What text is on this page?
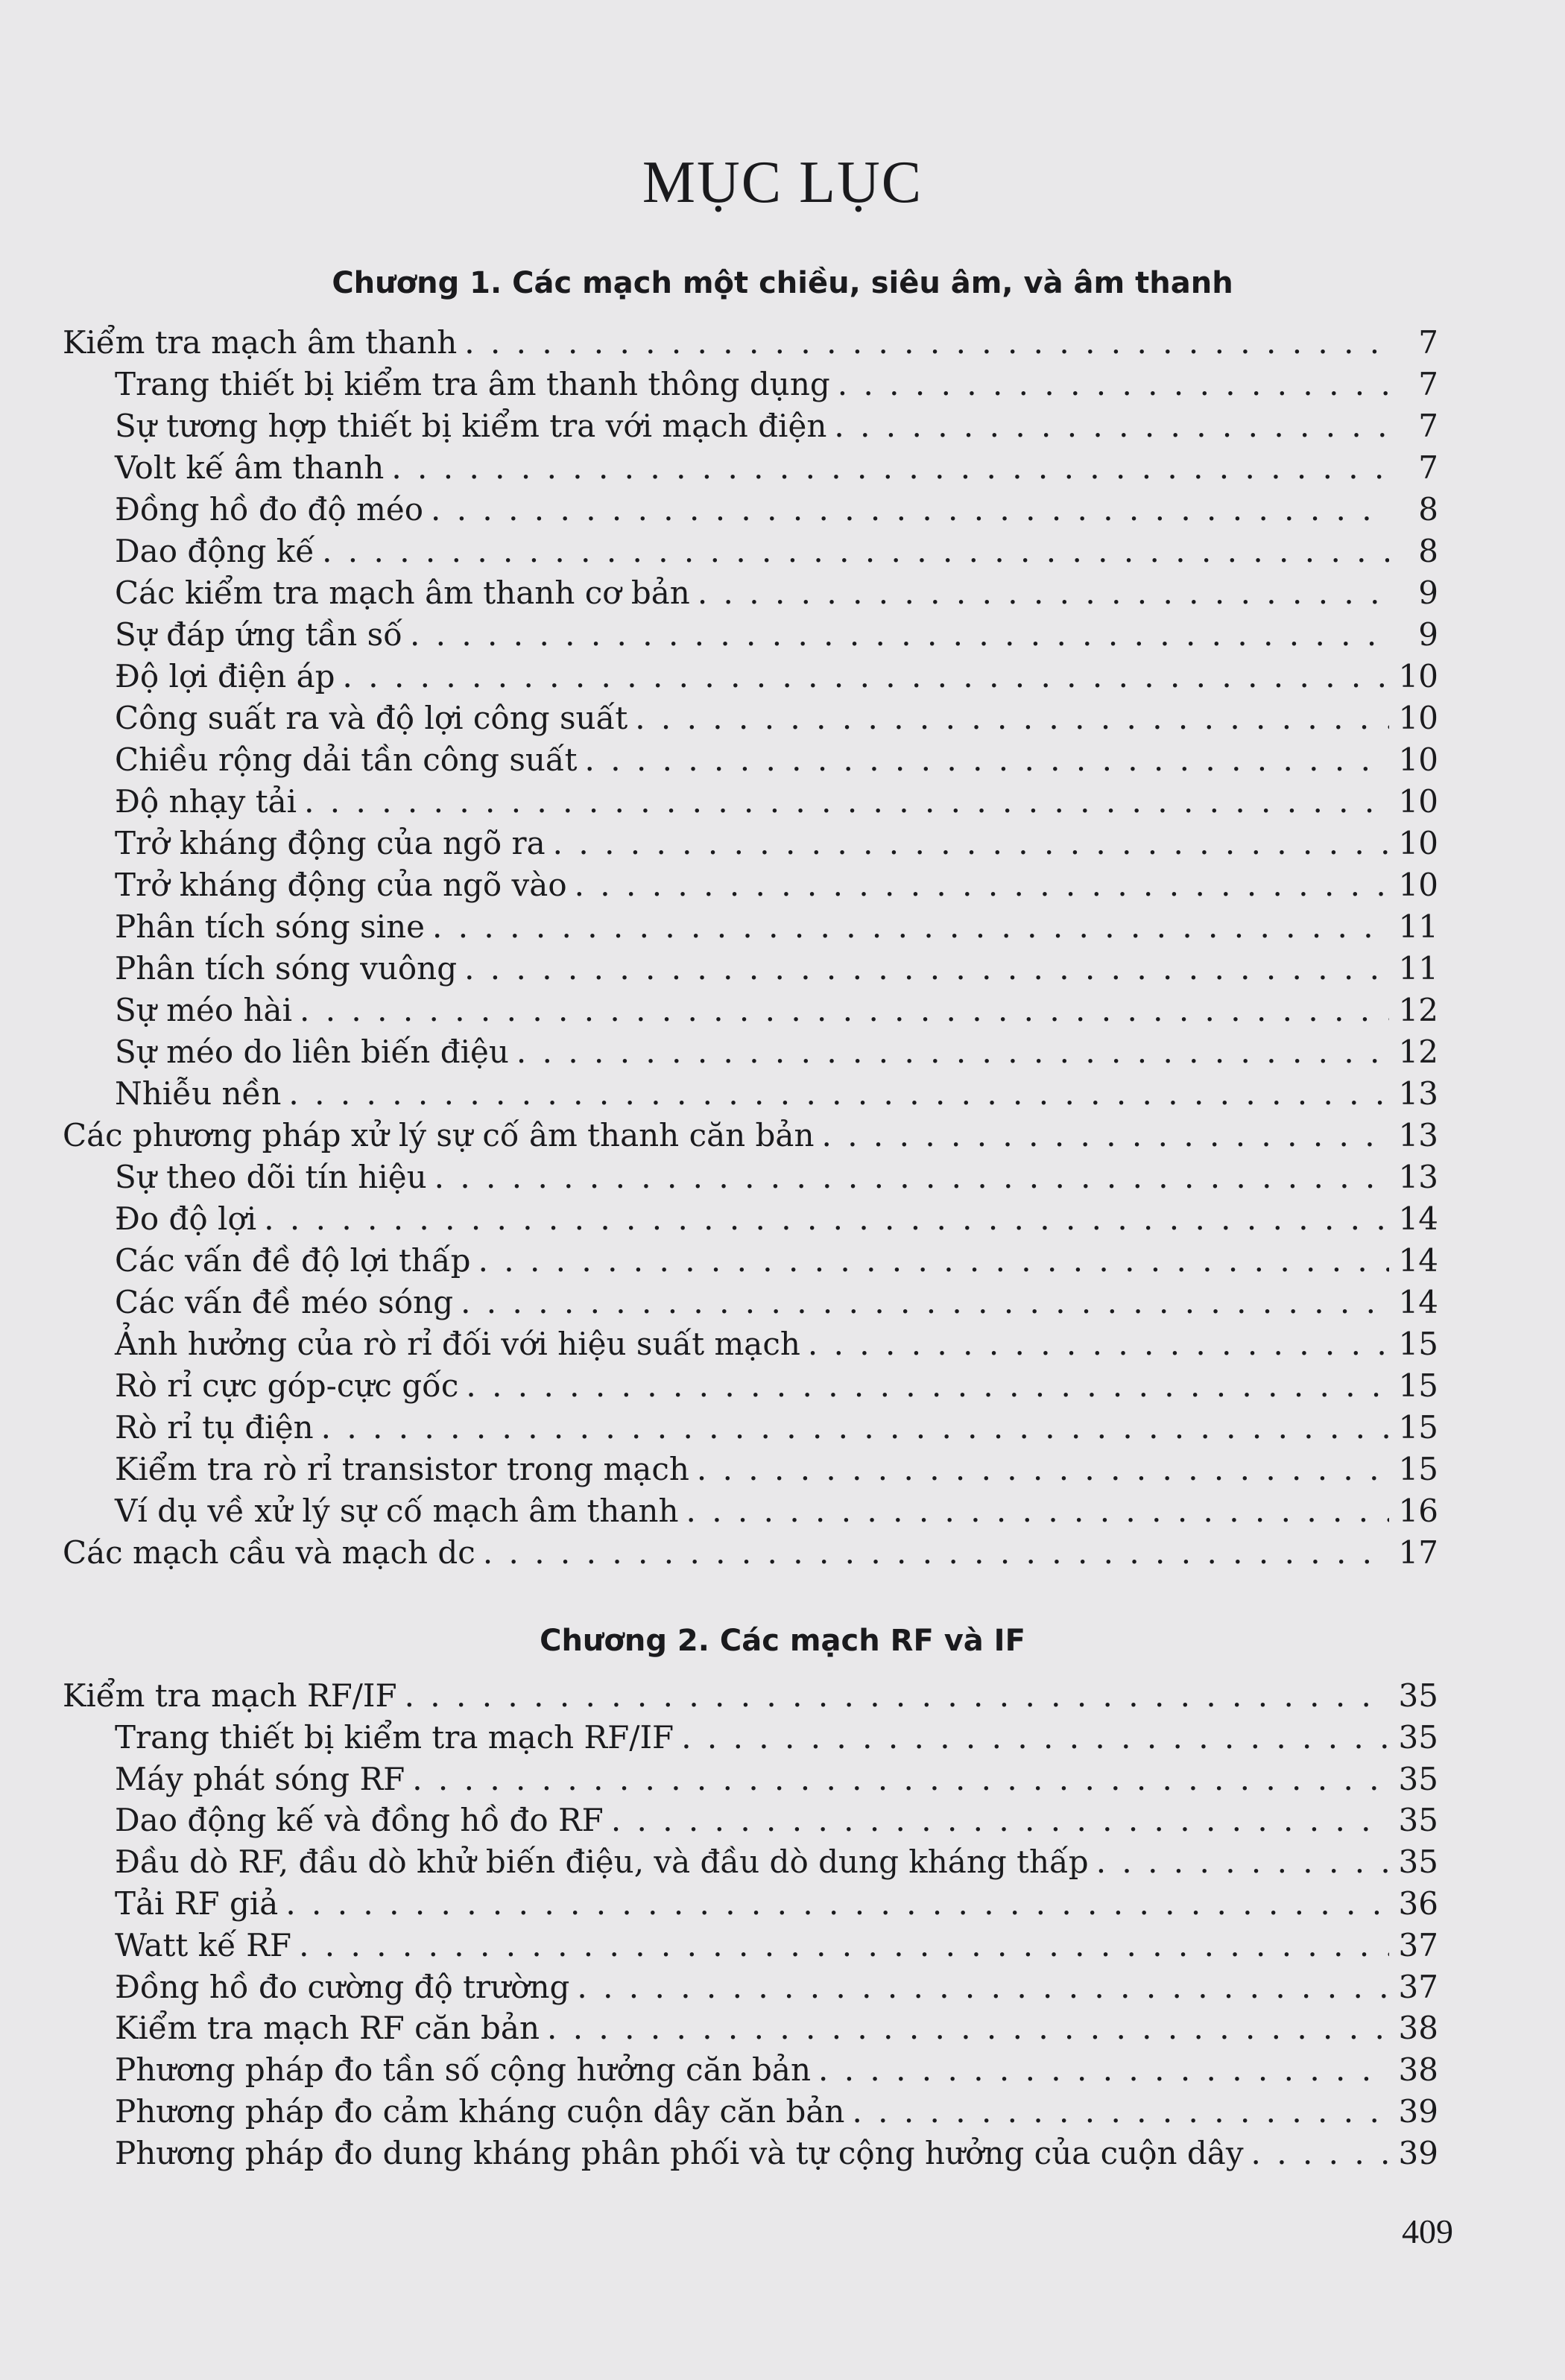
MỤC LỤC
Chương 1. Các mạch một chiều, siêu âm, và âm thanh
Kiểm tra mạch âm thanh . . .	7
Trang thiết bị kiểm tra âm thanh thông dụng . . .	7
Sự tương hợp thiết bị kiểm tra với mạch điện . . .	7
Volt kế âm thanh . . .	7
Đồng hồ đo độ méo . . .	8
Dao động kế . . .	8
Các kiểm tra mạch âm thanh cơ bản . . .	9
Sự đáp ứng tần số . . .	9
Độ lợi điện áp . . .	10
Công suất ra và độ lợi công suất . . .	10
Chiều rộng dải tần công suất . . .	10
Độ nhạy tải . . .	10
Trở kháng động của ngõ ra . . .	10
Trở kháng động của ngõ vào . . .	10
Phân tích sóng sine . . .	11
Phân tích sóng vuông . . .	11
Sự méo hài . . .	12
Sự méo do liên biến điệu . . .	12
Nhiễu nền . . .	13
Các phương pháp xử lý sự cố âm thanh căn bản . . .	13
Sự theo dõi tín hiệu . . .	13
Đo độ lợi . . .	14
Các vấn đề độ lợi thấp . . .	14
Các vấn đề méo sóng . . .	14
Ảnh hưởng của rò rỉ đối với hiệu suất mạch . . .	15
Rò rỉ cực góp-cực gốc . . .	15
Rò rỉ tụ điện . . .	15
Kiểm tra rò rỉ transistor trong mạch . . .	15
Ví dụ về xử lý sự cố mạch âm thanh . . .	16
Các mạch cầu và mạch dc . . .	17
Chương 2. Các mạch RF và IF
Kiểm tra mạch RF/IF . . .	35
Trang thiết bị kiểm tra mạch RF/IF . . .	35
Máy phát sóng RF . . .	35
Dao động kế và đồng hồ đo RF . . .	35
Đầu dò RF, đầu dò khử biến điệu, và đầu dò dung kháng thấp . . .	35
Tải RF giả . . .	36
Watt kế RF . . .	37
Đồng hồ đo cường độ trường . . .	37
Kiểm tra mạch RF căn bản . . .	38
Phương pháp đo tần số cộng hưởng căn bản . . .	38
Phương pháp đo cảm kháng cuộn dây căn bản . . .	39
Phương pháp đo dung kháng phân phối và tự cộng hưởng của cuộn dây . . .	39
409
